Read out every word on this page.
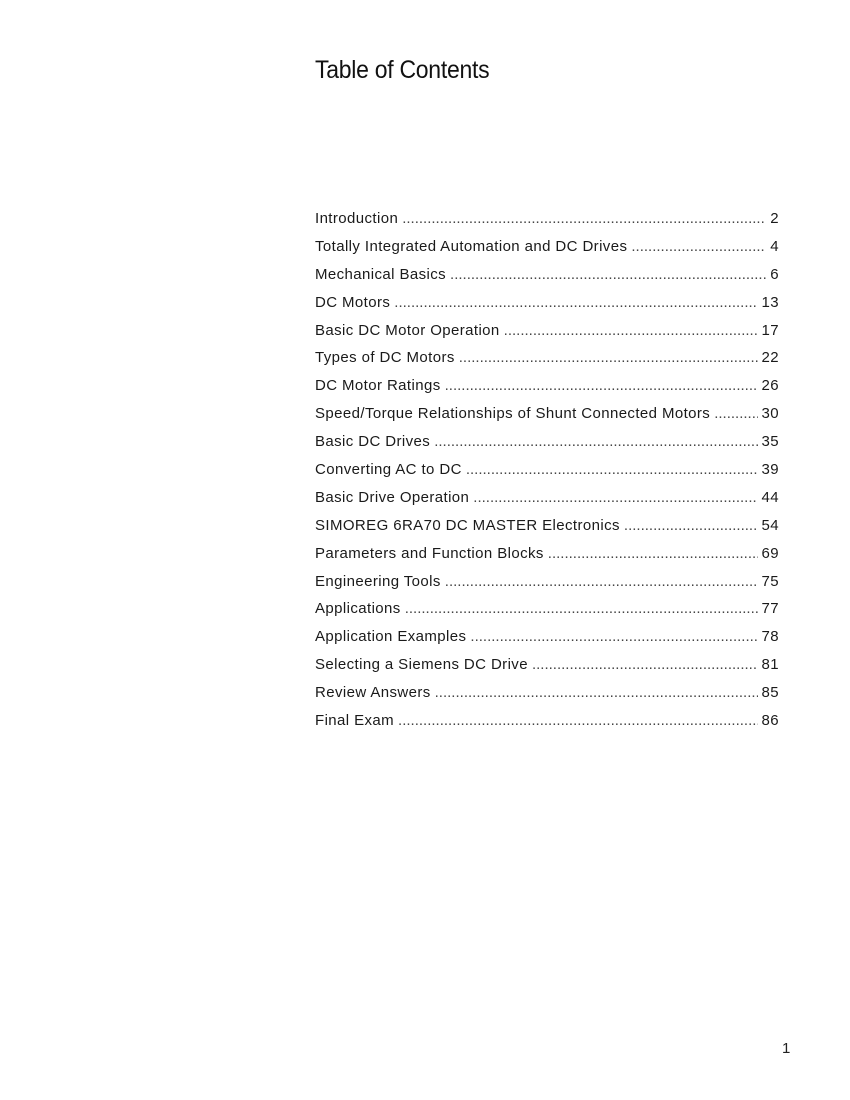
Table of Contents
Introduction .....	2
Totally Integrated Automation and DC Drives .....	4
Mechanical Basics .....	6
DC Motors .....	13
Basic DC Motor Operation .....	17
Types of DC Motors .....	22
DC Motor Ratings .....	26
Speed/Torque Relationships of Shunt Connected Motors .....	30
Basic DC Drives .....	35
Converting AC to DC .....	39
Basic Drive Operation .....	44
SIMOREG 6RA70 DC MASTER Electronics .....	54
Parameters and Function Blocks .....	69
Engineering Tools .....	75
Applications .....	77
Application Examples .....	78
Selecting a Siemens DC Drive .....	81
Review Answers .....	85
Final Exam .....	86
1
